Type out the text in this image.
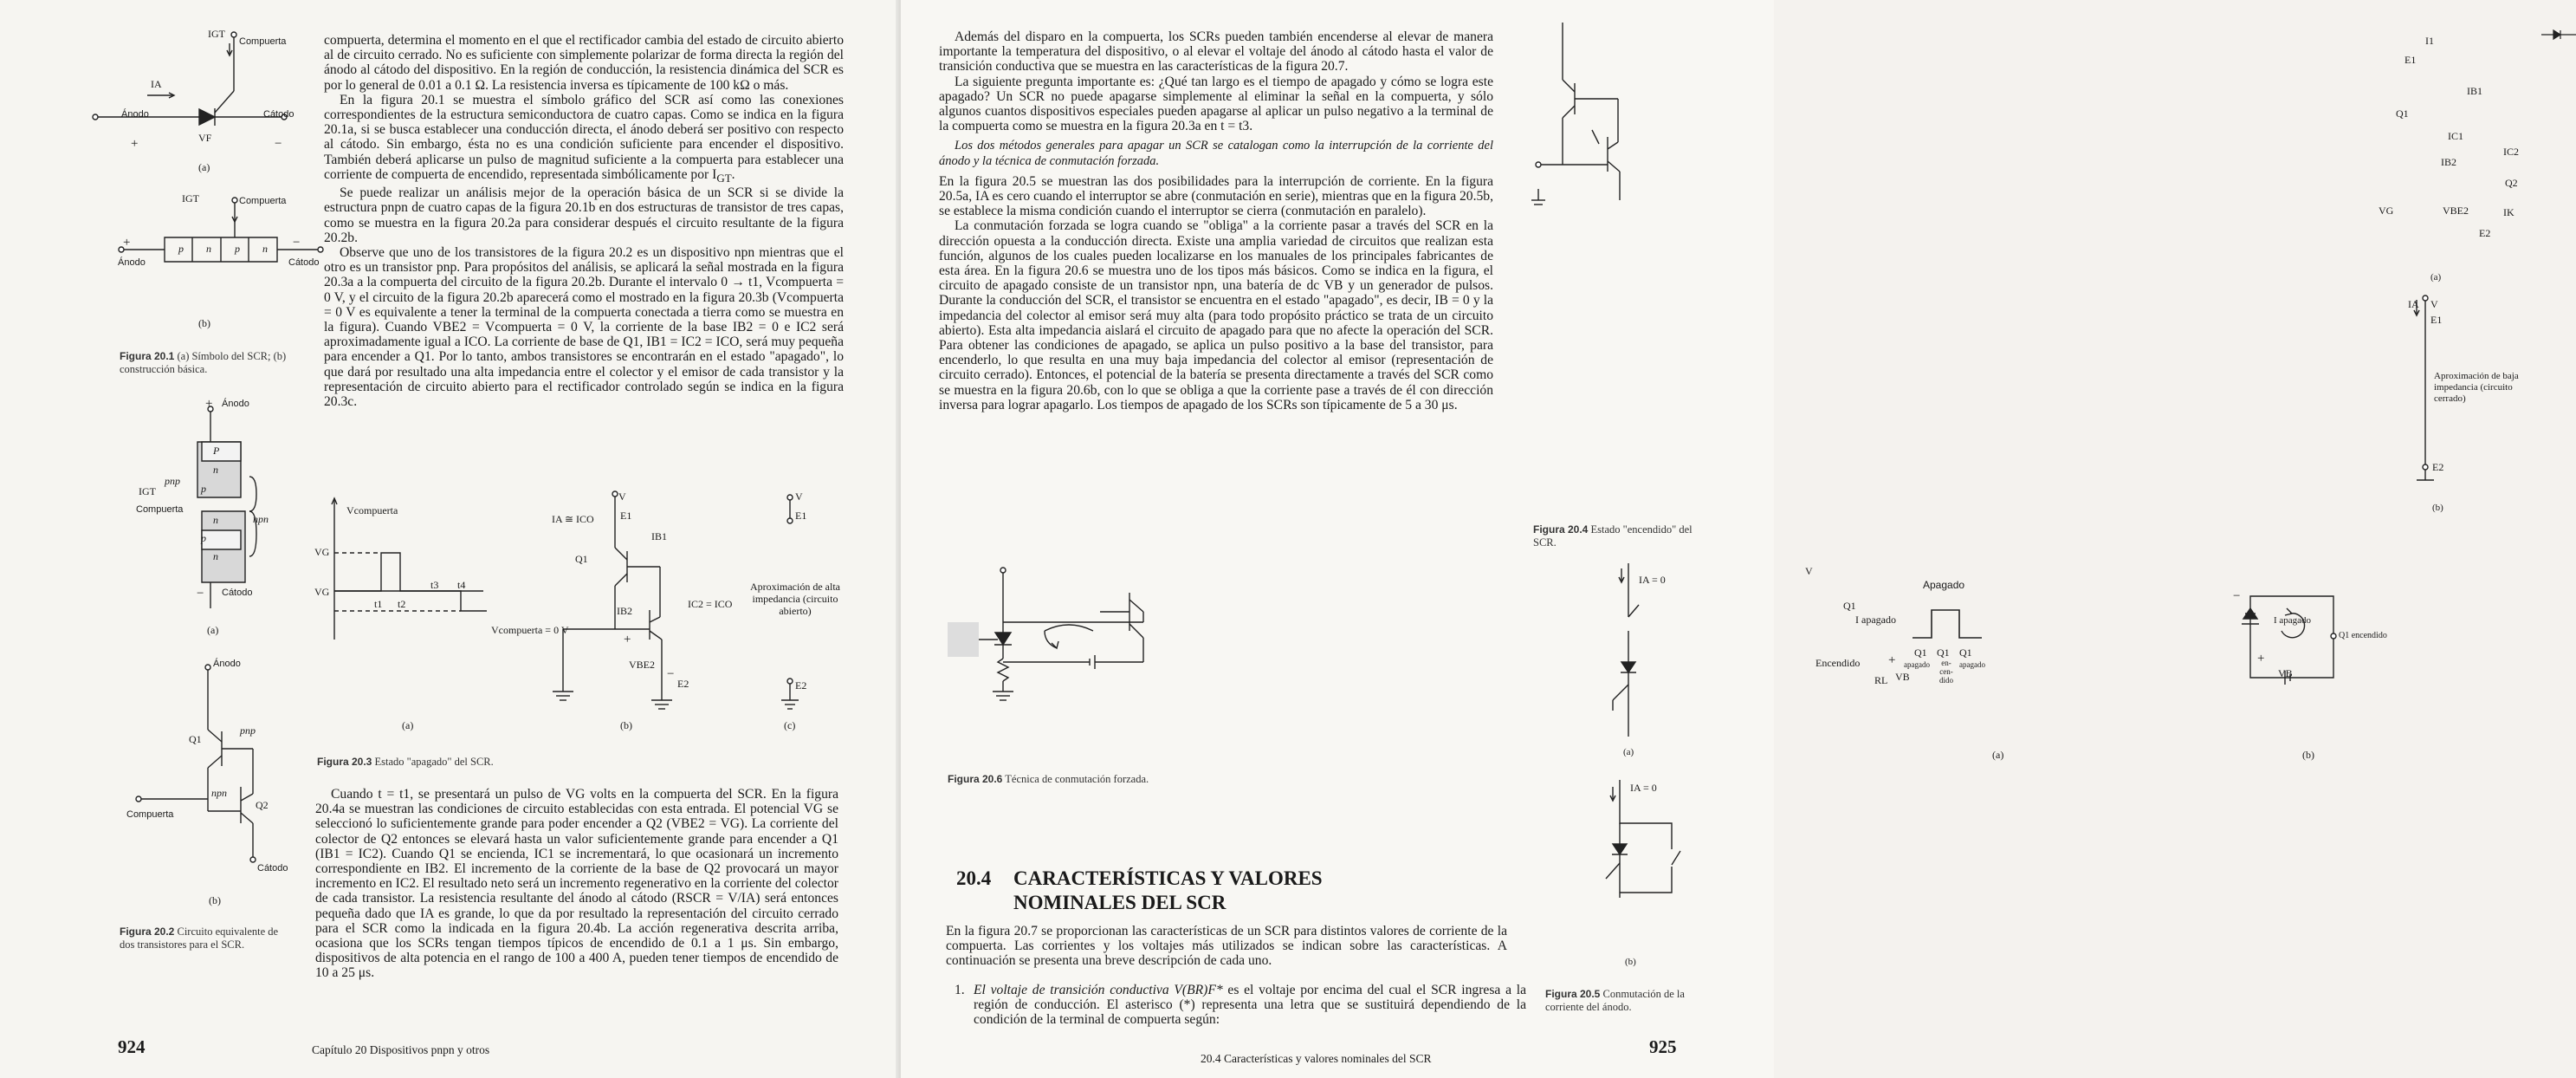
IGT
Compuerta
IA
Ánodo	Cátodo
+	VF	−
(a)
IGT	Compuerta
+	−
p n p n
Ánodo	Cátodo
(b)
Figura 20.1 (a) Símbolo del SCR; (b) construcción básica.
+ Ánodo
pnp
IGT
Compuerta
npn
P
n
p
n
p
n
− Cátodo
(a)
Ánodo
pnp
Q1
npn
Q2
Compuerta
Cátodo
(b)
Figura 20.2 Circuito equivalente de dos transistores para el SCR.

compuerta, determina el momento en el que el rectificador cambia del estado de circuito abierto al de circuito cerrado. No es suficiente con simplemente polarizar de forma directa la región del ánodo al cátodo del dispositivo. En la región de conducción, la resistencia dinámica del SCR es por lo general de 0.01 a 0.1 Ω. La resistencia inversa es típicamente de 100 kΩ o más.

En la figura 20.1 se muestra el símbolo gráfico del SCR así como las conexiones correspondientes de la estructura semiconductora de cuatro capas. Como se indica en la figura 20.1a, si se busca establecer una conducción directa, el ánodo deberá ser positivo con respecto al cátodo. Sin embargo, ésta no es una condición suficiente para encender el dispositivo. También deberá aplicarse un pulso de magnitud suficiente a la compuerta para establecer una corriente de compuerta de encendido, representada simbólicamente por $I_{GT}$.

Se puede realizar un análisis mejor de la operación básica de un SCR si se divide la estructura pnpn de cuatro capas de la figura 20.1b en dos estructuras de transistor de tres capas, como se muestra en la figura 20.2a para considerar después el circuito resultante de la figura 20.2b.

Observe que uno de los transistores de la figura 20.2 es un dispositivo npn mientras que el otro es un transistor pnp. Para propósitos del análisis, se aplicará la señal mostrada en la figura 20.3a a la compuerta del circuito de la figura 20.2b. Durante el intervalo 0 → t1, Vcompuerta = 0 V, y el circuito de la figura 20.2b aparecerá como el mostrado en la figura 20.3b (Vcompuerta = 0 V es equivalente a tener la terminal de la compuerta conectada a tierra como se muestra en la figura). Cuando VBE2 = Vcompuerta = 0 V, la corriente de la base IB2 = 0 e IC2 será aproximadamente igual a ICO. La corriente de base de Q1, IB1 = IC2 = ICO, será muy pequeña para encender a Q1. Por lo tanto, ambos transistores se encontrarán en el estado "apagado", lo que dará por resultado una alta impedancia entre el colector y el emisor de cada transistor y la representación de circuito abierto para el rectificador controlado según se indica en la figura 20.3c.

Vcompuerta
VG
VG
t1 t2
t3 t4
(a)
V
IA ≅ ICO	E1
IB1
Q1
IB2
IC2 = ICO
Vcompuerta = 0 V
+
VBE2
−
E2
(b)
V
E1
Aproximación de alta impedancia (circuito abierto)
E2
(c)
Figura 20.3 Estado "apagado" del SCR.

Cuando t = t1, se presentará un pulso de VG volts en la compuerta del SCR. En la figura 20.4a se muestran las condiciones de circuito establecidas con esta entrada. El potencial VG se seleccionó lo suficientemente grande para poder encender a Q2 (VBE2 = VG). La corriente del colector de Q2 entonces se elevará hasta un valor suficientemente grande para encender a Q1 (IB1 = IC2). Cuando Q1 se encienda, IC1 se incrementará, lo que ocasionará un incremento correspondiente en IB2. El incremento de la corriente de la base de Q2 provocará un mayor incremento en IC2. El resultado neto será un incremento regenerativo en la corriente del colector de cada transistor. La resistencia resultante del ánodo al cátodo (RSCR = V/IA) será entonces pequeña dado que IA es grande, lo que da por resultado la representación del circuito cerrado para el SCR como la indicada en la figura 20.4b. La acción regenerativa descrita arriba, ocasiona que los SCRs tengan tiempos típicos de encendido de 0.1 a 1 μs. Sin embargo, dispositivos de alta potencia en el rango de 100 a 400 A, pueden tener tiempos de encendido de 10 a 25 μs.

924	Capítulo 20 Dispositivos pnpn y otros

Además del disparo en la compuerta, los SCRs pueden también encenderse al elevar de manera importante la temperatura del dispositivo, o al elevar el voltaje del ánodo al cátodo hasta el valor de transición conductiva que se muestra en las características de la figura 20.7.

La siguiente pregunta importante es: ¿Qué tan largo es el tiempo de apagado y cómo se logra este apagado? Un SCR no puede apagarse simplemente al eliminar la señal en la compuerta, y sólo algunos cuantos dispositivos especiales pueden apagarse al aplicar un pulso negativo a la terminal de la compuerta como se muestra en la figura 20.3a en t = t3.

Los dos métodos generales para apagar un SCR se catalogan como la interrupción de la corriente del ánodo y la técnica de conmutación forzada.

En la figura 20.5 se muestran las dos posibilidades para la interrupción de corriente. En la figura 20.5a, IA es cero cuando el interruptor se abre (conmutación en serie), mientras que en la figura 20.5b, se establece la misma condición cuando el interruptor se cierra (conmutación en paralelo).

La conmutación forzada se logra cuando se "obliga" a la corriente pasar a través del SCR en la dirección opuesta a la conducción directa. Existe una amplia variedad de circuitos que realizan esta función, algunos de los cuales pueden localizarse en los manuales de los principales fabricantes de esta área. En la figura 20.6 se muestra uno de los tipos más básicos. Como se indica en la figura, el circuito de apagado consiste de un transistor npn, una batería de dc VB y un generador de pulsos. Durante la conducción del SCR, el transistor se encuentra en el estado "apagado", es decir, IB = 0 y la impedancia del colector al emisor será muy alta (para todo propósito práctico se trata de un circuito abierto). Esta alta impedancia aislará el circuito de apagado para que no afecte la operación del SCR. Para obtener las condiciones de apagado, se aplica un pulso positivo a la base del transistor, para encenderlo, lo que resulta en una muy baja impedancia del colector al emisor (representación de circuito cerrado). Entonces, el potencial de la batería se presenta directamente a través del SCR como se muestra en la figura 20.6b, con lo que se obliga a que la corriente pase a través de él con dirección inversa para lograr apagarlo. Los tiempos de apagado de los SCRs son típicamente de 5 a 30 μs.

V
Q1
I apagado
Encendido +
VB
RL
Apagado
Q1 Q1 Q1
apagado	en-cen-dido
apagado
−
I apagado
Q1 encendido
+
VB
(a)	(b)
Figura 20.6 Técnica de conmutación forzada.
20.4 CARACTERÍSTICAS Y VALORES
NOMINALES DEL SCR

En la figura 20.7 se proporcionan las características de un SCR para distintos valores de corriente de la compuerta. Las corrientes y los voltajes más utilizados se indican sobre las características. A continuación se presenta una breve descripción de cada uno.

1. El voltaje de transición conductiva V(BR)F* es el voltaje por encima del cual el SCR ingresa a la región de conducción. El asterisco (*) representa una letra que se sustituirá dependiendo de la condición de la terminal de compuerta según:
I1
E1
IB1
Q1
IC1
IC2
IB2
Q2
VG	VBE2	IK
E2
(a)
IA V
E1
Aproximación de baja impedancia (circuito cerrado)
E2
(b)
Figura 20.4 Estado "encendido" del SCR.
IA = 0
(a)
IA = 0
(b)
Figura 20.5 Conmutación de la corriente del ánodo.
20.4 Características y valores nominales del SCR
925
